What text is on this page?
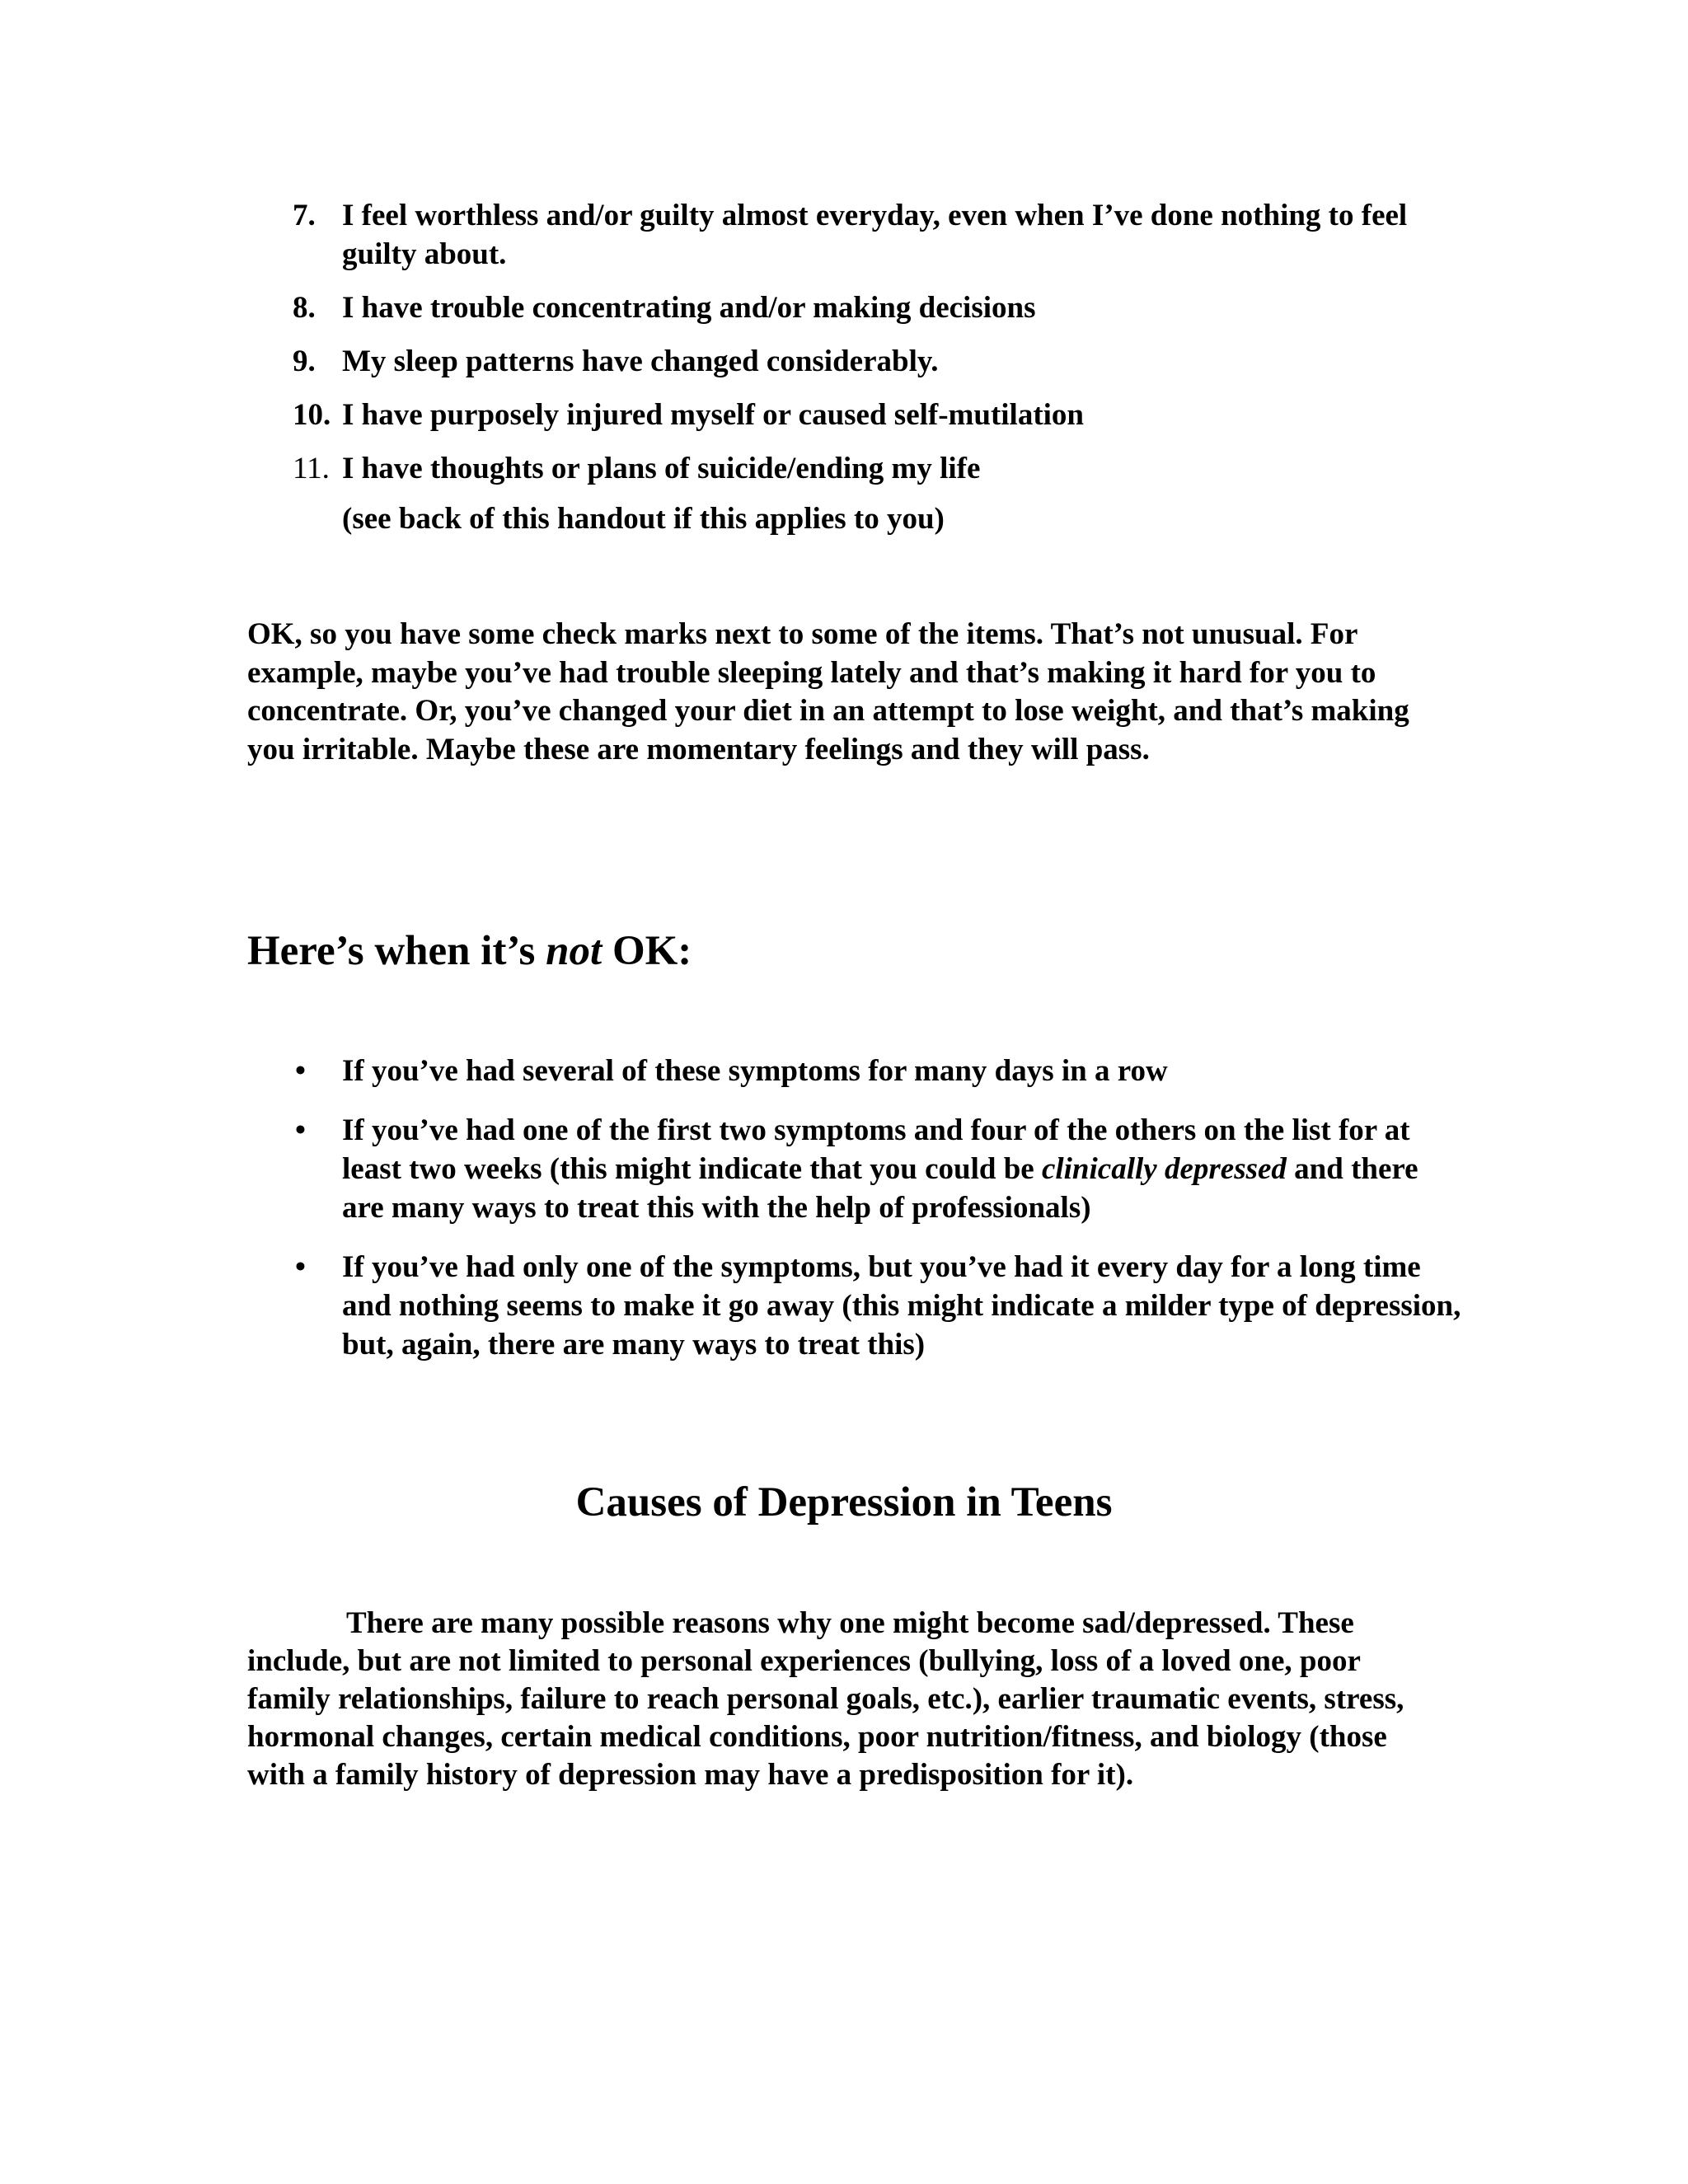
7. I feel worthless and/or guilty almost everyday, even when I’ve done nothing to feel guilty about.
8. I have trouble concentrating and/or making decisions
9. My sleep patterns have changed considerably.
10. I have purposely injured myself or caused self-mutilation
11. I have thoughts or plans of suicide/ending my life
(see back of this handout if this applies to you)
OK, so you have some check marks next to some of the items. That’s not unusual. For example, maybe you’ve had trouble sleeping lately and that’s making it hard for you to concentrate. Or, you’ve changed your diet in an attempt to lose weight, and that’s making you irritable. Maybe these are momentary feelings and they will pass.
Here’s when it’s not OK:
• If you’ve had several of these symptoms for many days in a row
• If you’ve had one of the first two symptoms and four of the others on the list for at least two weeks (this might indicate that you could be clinically depressed and there are many ways to treat this with the help of professionals)
• If you’ve had only one of the symptoms, but you’ve had it every day for a long time and nothing seems to make it go away (this might indicate a milder type of depression, but, again, there are many ways to treat this)
Causes of Depression in Teens
There are many possible reasons why one might become sad/depressed. These include, but are not limited to personal experiences (bullying, loss of a loved one, poor family relationships, failure to reach personal goals, etc.), earlier traumatic events, stress, hormonal changes, certain medical conditions, poor nutrition/fitness, and biology (those with a family history of depression may have a predisposition for it).
